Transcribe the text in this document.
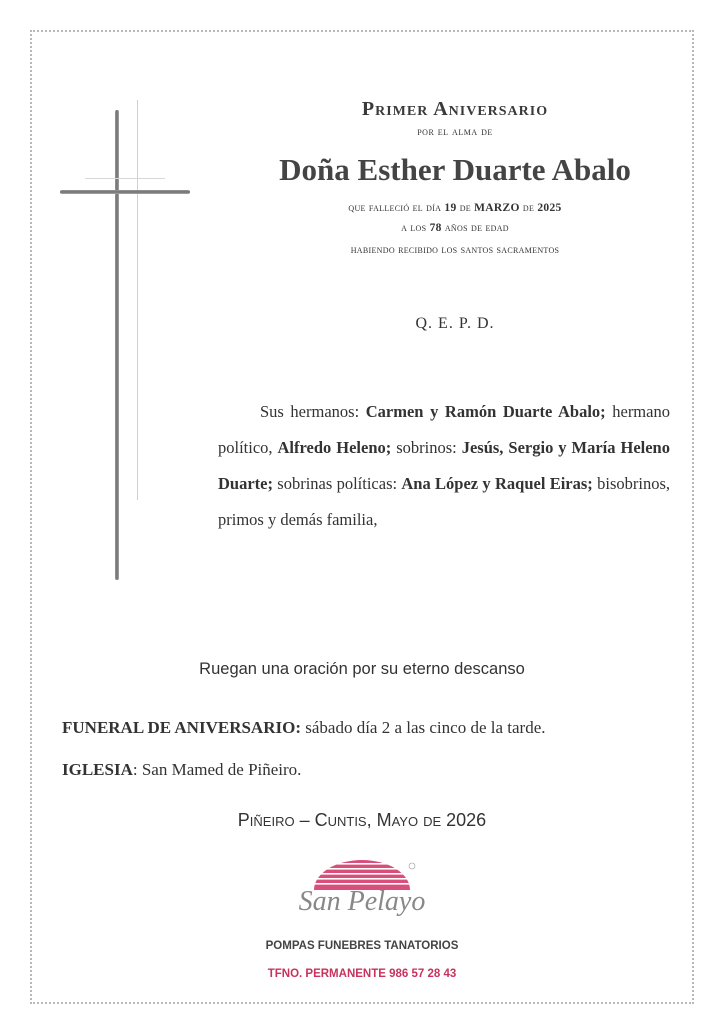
Primer Aniversario
por el alma de
Doña Esther Duarte Abalo
que falleció el día 19 de MARZO de 2025
a los 78 años de edad
habiendo recibido los santos sacramentos
Q. E. P. D.
Sus hermanos: Carmen y Ramón Duarte Abalo; hermano político, Alfredo Heleno; sobrinos: Jesús, Sergio y María Heleno Duarte; sobrinas políticas: Ana López y Raquel Eiras; bisobrinos, primos y demás familia,
Ruegan una oración por su eterno descanso
FUNERAL DE ANIVERSARIO: sábado día 2 a las cinco de la tarde.
IGLESIA: San Mamed de Piñeiro.
Piñeiro – Cuntis, Mayo de 2026
San Pelayo
POMPAS FUNEBRES TANATORIOS
TFNO. PERMANENTE 986 57 28 43
